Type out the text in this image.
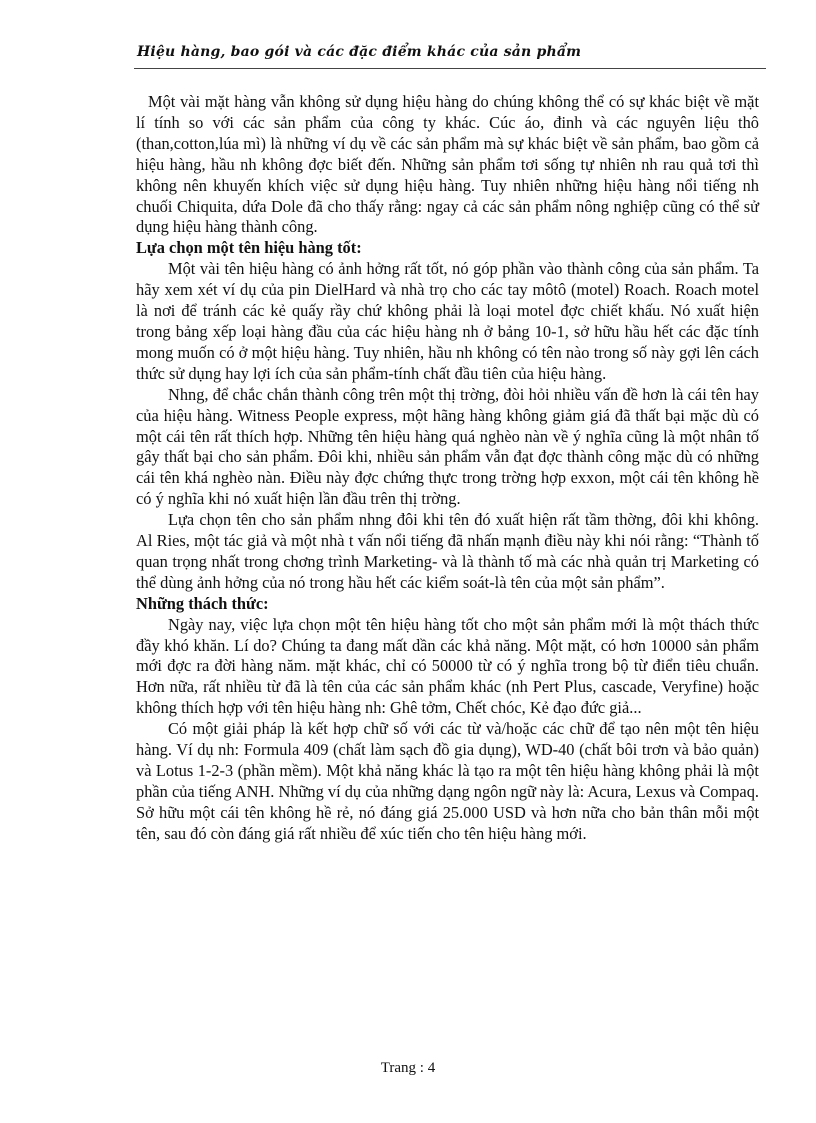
Hiệu hàng, bao gói và các đặc điểm khác của sản phẩm

Một vài mặt hàng vẫn không sử dụng hiệu hàng do chúng không thể có sự khác biệt về mặt lí tính so với các sản phẩm của công ty khác. Cúc áo, đinh và các nguyên liệu thô (than,cotton,lúa mì) là những ví dụ về các sản phẩm mà sự khác biệt về sản phẩm, bao gồm cả hiệu hàng, hầu nh không đợc biết đến. Những sản phẩm tơi sống tự nhiên nh rau quả tơi thì không nên khuyến khích việc sử dụng hiệu hàng. Tuy nhiên những hiệu hàng nổi tiếng nh chuối Chiquita, dứa Dole đã cho thấy rằng: ngay cả các sản phẩm nông nghiệp cũng có thể sử dụng hiệu hàng thành công.

Lựa chọn một tên hiệu hàng tốt:

Một vài tên hiệu hàng có ảnh hởng rất tốt, nó góp phần vào thành công của sản phẩm. Ta hãy xem xét ví dụ của pin DielHard và nhà trọ cho các tay môtô (motel) Roach. Roach motel là nơi để tránh các kẻ quấy rầy chứ không phải là loại motel đợc chiết khấu. Nó xuất hiện trong bảng xếp loại hàng đầu của các hiệu hàng nh ở bảng 10-1, sở hữu hầu hết các đặc tính mong muốn có ở một hiệu hàng. Tuy nhiên, hầu nh không có tên nào trong số này gợi lên cách thức sử dụng hay lợi ích của sản phẩm-tính chất đầu tiên của hiệu hàng.

Nhng, để chắc chắn thành công trên một thị trờng, đòi hỏi nhiều vấn đề hơn là cái tên hay của hiệu hàng. Witness People express, một hãng hàng không giảm giá đã thất bại mặc dù có một cái tên rất thích hợp. Những tên hiệu hàng quá nghèo nàn về ý nghĩa cũng là một nhân tố gây thất bại cho sản phẩm. Đôi khi, nhiều sản phẩm vẫn đạt đợc thành công mặc dù có những cái tên khá nghèo nàn. Điều này đợc chứng thực trong trờng hợp exxon, một cái tên không hề có ý nghĩa khi nó xuất hiện lần đầu trên thị trờng.

Lựa chọn tên cho sản phẩm nhng đôi khi tên đó xuất hiện rất tầm thờng, đôi khi không. Al Ries, một tác giả và một nhà t vấn nổi tiếng đã nhấn mạnh điều này khi nói rằng: “Thành tố quan trọng nhất trong chơng trình Marketing- và là thành tố mà các nhà quản trị Marketing có thể dùng ảnh hởng của nó trong hầu hết các kiểm soát-là tên của một sản phẩm”.

Những thách thức:

Ngày nay, việc lựa chọn một tên hiệu hàng tốt cho một sản phẩm mới là một thách thức đầy khó khăn. Lí do? Chúng ta đang mất dần các khả năng. Một mặt, có hơn 10000 sản phẩm mới đợc ra đời hàng năm. mặt khác, chỉ có 50000 từ có ý nghĩa trong bộ từ điển tiêu chuẩn. Hơn nữa, rất nhiều từ đã là tên của các sản phẩm khác (nh Pert Plus, cascade, Veryfine) hoặc không thích hợp với tên hiệu hàng nh: Ghê tởm, Chết chóc, Kẻ đạo đức giả...

Có một giải pháp là kết hợp chữ số với các từ và/hoặc các chữ để tạo nên một tên hiệu hàng. Ví dụ nh: Formula 409 (chất làm sạch đồ gia dụng), WD-40 (chất bôi trơn và bảo quản) và Lotus 1-2-3 (phần mềm). Một khả năng khác là tạo ra một tên hiệu hàng không phải là một phần của tiếng ANH. Những ví dụ của những dạng ngôn ngữ này là: Acura, Lexus và Compaq. Sở hữu một cái tên không hề rẻ, nó đáng giá 25.000 USD và hơn nữa cho bản thân mỗi một tên, sau đó còn đáng giá rất nhiều để xúc tiến cho tên hiệu hàng mới.

Trang : 4
